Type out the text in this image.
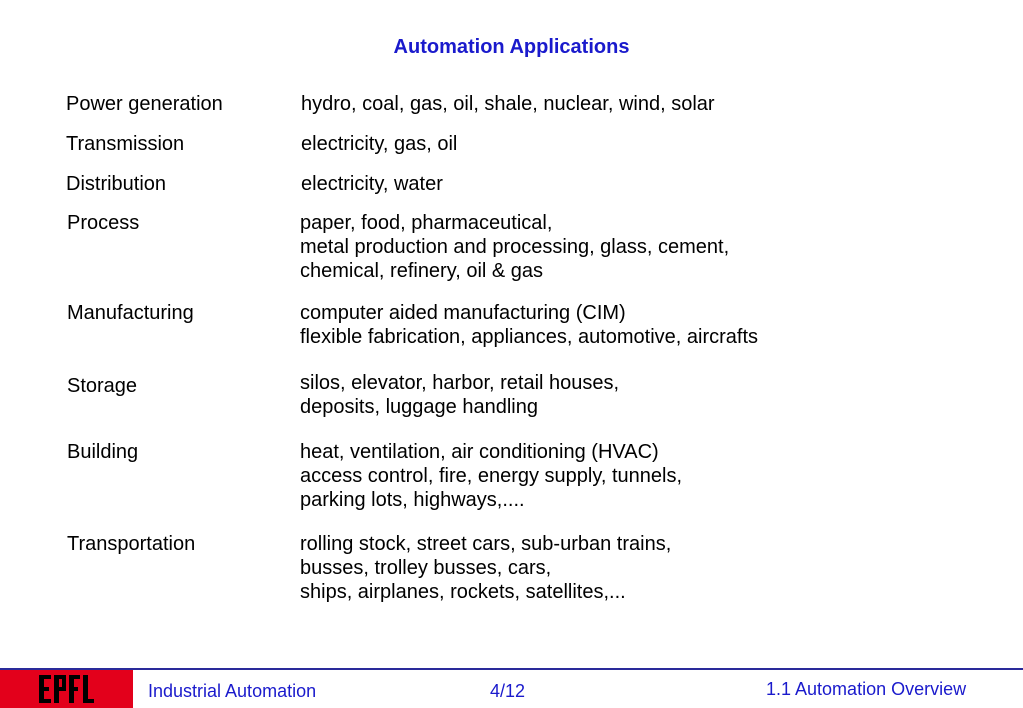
Automation Applications
Power generation	hydro, coal, gas, oil, shale, nuclear, wind, solar
Transmission	electricity, gas, oil
Distribution	electricity, water
Process	paper, food, pharmaceutical,
metal production and processing, glass, cement,
chemical, refinery, oil & gas
Manufacturing	computer aided manufacturing (CIM)
flexible fabrication, appliances, automotive, aircrafts
Storage	silos, elevator, harbor, retail houses,
deposits, luggage handling
Building	heat, ventilation, air conditioning (HVAC)
access control, fire, energy supply, tunnels,
parking lots, highways,....
Transportation	rolling stock, street cars, sub-urban trains,
busses, trolley busses, cars,
ships, airplanes, rockets, satellites,...
Industrial Automation	4/12	1.1 Automation Overview
